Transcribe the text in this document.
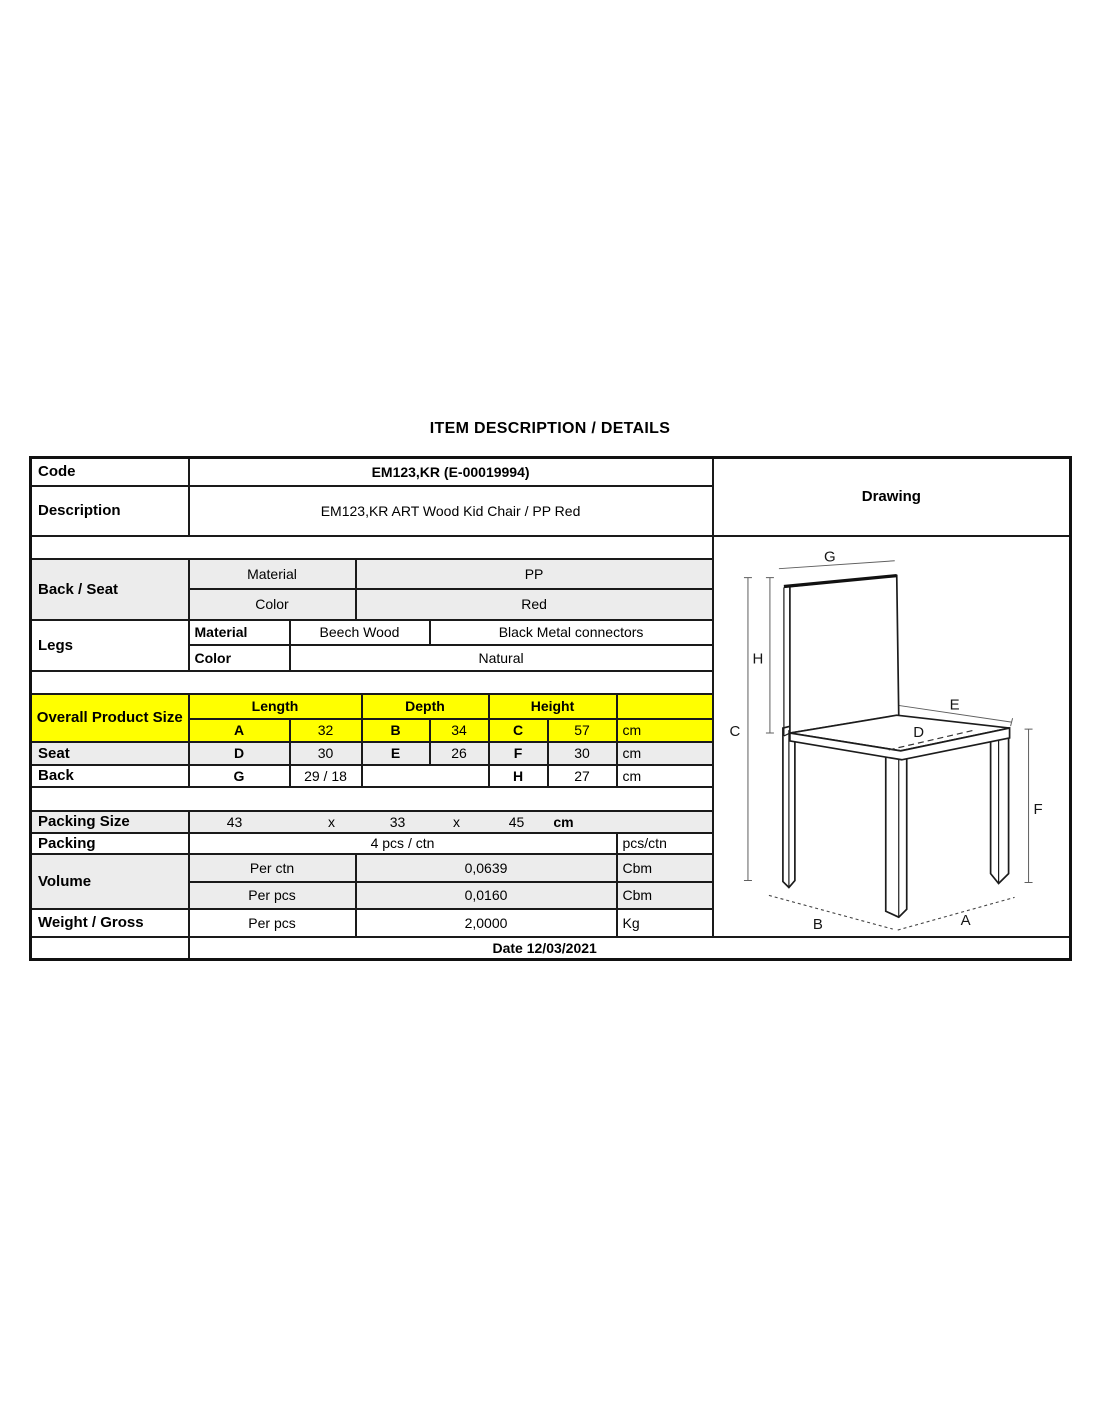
ITEM DESCRIPTION / DETAILS
Code	EM123,KR (E-00019994)								Drawing
Description	EM123,KR ART Wood Kid Chair / PP Red								

G
H
C
E
D
F
B	A

Back / Seat	Material		PP						
	Color		Red						
Legs	Material	Beech Wood			Black Metal connectors				
	Color	Natural							

Overall Product Size	Length			Depth		Height			
	A	32		B	34	C	57	cm	
Seat	D	30		E	26	F	30	cm	
Back	G	29 / 18				H	27	cm	

Packing Size	43	x	33	x	45 cm

Packing	4 pcs / ctn							pcs/ctn	
Volume	Per ctn		0,0639					Cbm	
	Per pcs		0,0160					Cbm	
Weight / Gross	Per pcs		2,0000					Kg	
	Date 12/03/2021								
